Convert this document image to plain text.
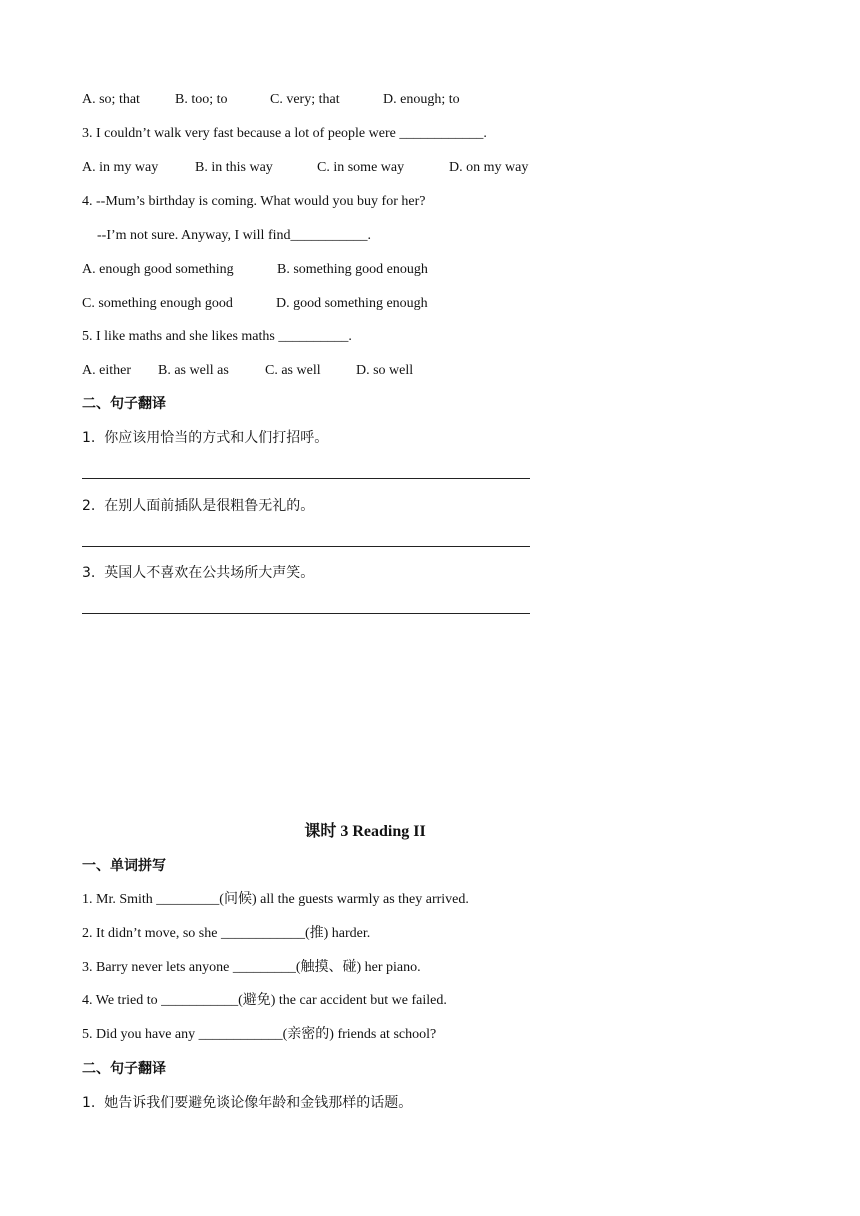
A. so; that	B. too; to	C. very; that	D. enough; to
3. I couldn’t walk very fast because a lot of people were ____________.
A. in my way	B. in this way	C. in some way	D. on my way
4. --Mum’s birthday is coming. What would you buy for her?
--I’m not sure. Anyway, I will find___________.
A. enough good something	B. something good enough
C. something enough good	D. good something enough
5. I like maths and she likes maths __________.
A. either B. as well as	C. as well	D. so well
二、句子翻译
1.  你应该用恰当的方式和人们打招呼。
2.  在别人面前插队是很粗鲁无礼的。
3.  英国人不喜欢在公共场所大声笑。
课时 3 Reading II
一、单词拼写
1. Mr. Smith _________(问候) all the guests warmly as they arrived.
2. It didn’t move, so she ____________(推) harder.
3. Barry never lets anyone _________(触摸、碰) her piano.
4. We tried to ___________(避免) the car accident but we failed.
5. Did you have any ____________(亲密的) friends at school?
二、句子翻译
1.  她告诉我们要避免谈论像年龄和金钱那样的话题。
